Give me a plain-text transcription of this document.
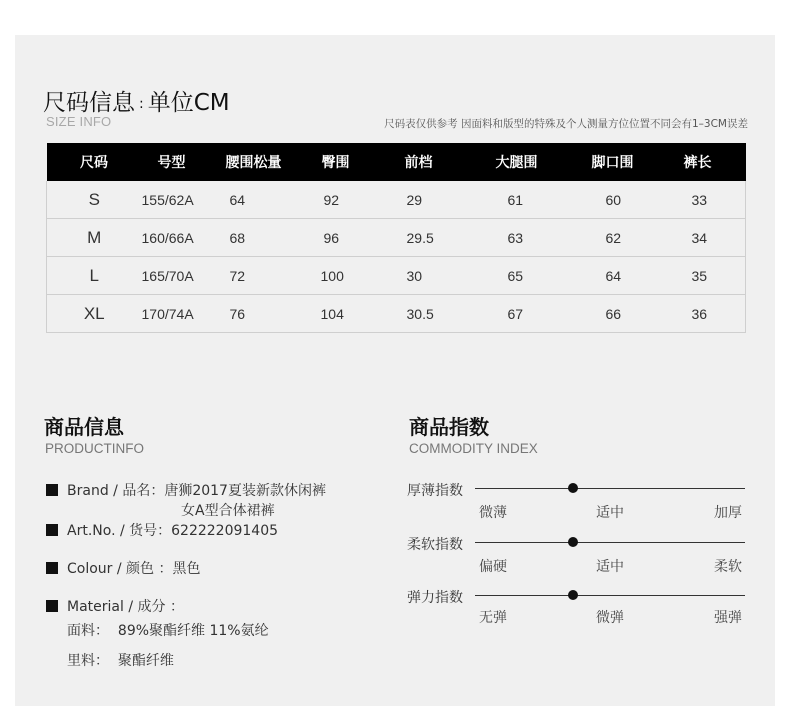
尺码信息 : 单位CM
SIZE INFO	尺码表仅供参考 因面料和版型的特殊及个人测量方位位置不同会有1–3CM误差
尺码	号型	腰围松量	臀围	前档	大腿围	脚口围	裤长
S	155/62A	64	92	29	61	60	33
M	160/66A	68	96	29.5	63	62	34
L	165/70A	72	100	30	65	64	35
XL	170/74A	76	104	30.5	67	66	36
商品信息
PRODUCTINFO
Brand / 品名：唐狮2017夏装新款休闲裤
女A型合体裙裤
Art.No. / 货号：622222091405
Colour / 颜色 ：黑色
Material / 成分 ：
面料： 89%聚酯纤维 11%氨纶
里料： 聚酯纤维
商品指数
COMMODITY INDEX
厚薄指数
微薄	适中	加厚
柔软指数
偏硬	适中	柔软
弹力指数
无弹	微弹	强弹
